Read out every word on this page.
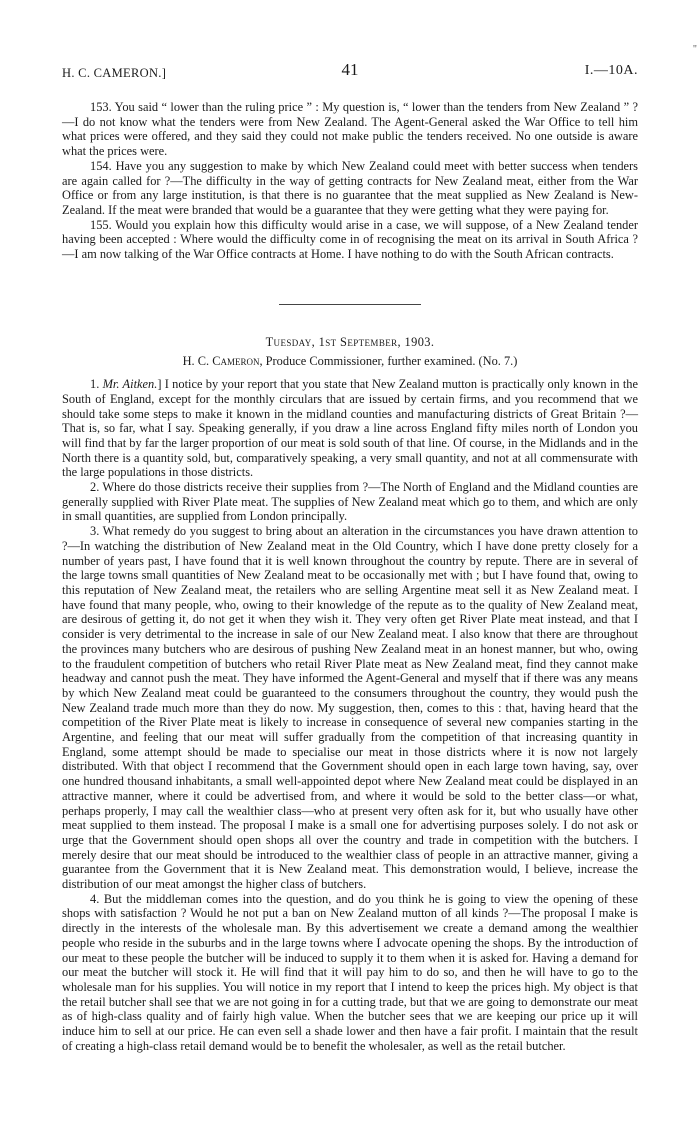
H. C. CAMERON.]	41	I.—10A.
"

153. You said “ lower than the ruling price ” : My question is, “ lower than the tenders from New Zealand ” ?—I do not know what the tenders were from New Zealand. The Agent-General asked the War Office to tell him what prices were offered, and they said they could not make public the tenders received. No one outside is aware what the prices were.

154. Have you any suggestion to make by which New Zealand could meet with better success when tenders are again called for ?—The difficulty in the way of getting contracts for New Zealand meat, either from the War Office or from any large institution, is that there is no guarantee that the meat supplied as New Zealand is New-Zealand. If the meat were branded that would be a guarantee that they were getting what they were paying for.

155. Would you explain how this difficulty would arise in a case, we will suppose, of a New Zealand tender having been accepted : Where would the difficulty come in of recognising the meat on its arrival in South Africa ?—I am now talking of the War Office contracts at Home. I have nothing to do with the South African contracts.

Tuesday, 1st September, 1903.
H. C. Cameron, Produce Commissioner, further examined. (No. 7.)

1. Mr. Aitken.] I notice by your report that you state that New Zealand mutton is practically only known in the South of England, except for the monthly circulars that are issued by certain firms, and you recommend that we should take some steps to make it known in the midland counties and manufacturing districts of Great Britain ?—That is, so far, what I say. Speaking generally, if you draw a line across England fifty miles north of London you will find that by far the larger proportion of our meat is sold south of that line. Of course, in the Midlands and in the North there is a quantity sold, but, comparatively speaking, a very small quantity, and not at all commensurate with the large populations in those districts.

2. Where do those districts receive their supplies from ?—The North of England and the Midland counties are generally supplied with River Plate meat. The supplies of New Zealand meat which go to them, and which are only in small quantities, are supplied from London principally.

3. What remedy do you suggest to bring about an alteration in the circumstances you have drawn attention to ?—In watching the distribution of New Zealand meat in the Old Country, which I have done pretty closely for a number of years past, I have found that it is well known throughout the country by repute. There are in several of the large towns small quantities of New Zealand meat to be occasionally met with ; but I have found that, owing to this reputation of New Zealand meat, the retailers who are selling Argentine meat sell it as New Zealand meat. I have found that many people, who, owing to their knowledge of the repute as to the quality of New Zealand meat, are desirous of getting it, do not get it when they wish it. They very often get River Plate meat instead, and that I consider is very detrimental to the increase in sale of our New Zealand meat. I also know that there are throughout the provinces many butchers who are desirous of pushing New Zealand meat in an honest manner, but who, owing to the fraudulent competition of butchers who retail River Plate meat as New Zealand meat, find they cannot make headway and cannot push the meat. They have informed the Agent-General and myself that if there was any means by which New Zealand meat could be guaranteed to the consumers throughout the country, they would push the New Zealand trade much more than they do now. My suggestion, then, comes to this : that, having heard that the competition of the River Plate meat is likely to increase in consequence of several new companies starting in the Argentine, and feeling that our meat will suffer gradually from the competition of that increasing quantity in England, some attempt should be made to specialise our meat in those districts where it is now not largely distributed. With that object I recommend that the Government should open in each large town having, say, over one hundred thousand inhabitants, a small well-appointed depot where New Zealand meat could be displayed in an attractive manner, where it could be advertised from, and where it would be sold to the better class—or what, perhaps properly, I may call the wealthier class—who at present very often ask for it, but who usually have other meat supplied to them instead. The proposal I make is a small one for advertising purposes solely. I do not ask or urge that the Government should open shops all over the country and trade in competition with the butchers. I merely desire that our meat should be introduced to the wealthier class of people in an attractive manner, giving a guarantee from the Government that it is New Zealand meat. This demonstration would, I believe, increase the distribution of our meat amongst the higher class of butchers.

4. But the middleman comes into the question, and do you think he is going to view the opening of these shops with satisfaction ? Would he not put a ban on New Zealand mutton of all kinds ?—The proposal I make is directly in the interests of the wholesale man. By this advertisement we create a demand among the wealthier people who reside in the suburbs and in the large towns where I advocate opening the shops. By the introduction of our meat to these people the butcher will be induced to supply it to them when it is asked for. Having a demand for our meat the butcher will stock it. He will find that it will pay him to do so, and then he will have to go to the wholesale man for his supplies. You will notice in my report that I intend to keep the prices high. My object is that the retail butcher shall see that we are not going in for a cutting trade, but that we are going to demonstrate our meat as of high-class quality and of fairly high value. When the butcher sees that we are keeping our price up it will induce him to sell at our price. He can even sell a shade lower and then have a fair profit. I maintain that the result of creating a high-class retail demand would be to benefit the wholesaler, as well as the retail butcher.
